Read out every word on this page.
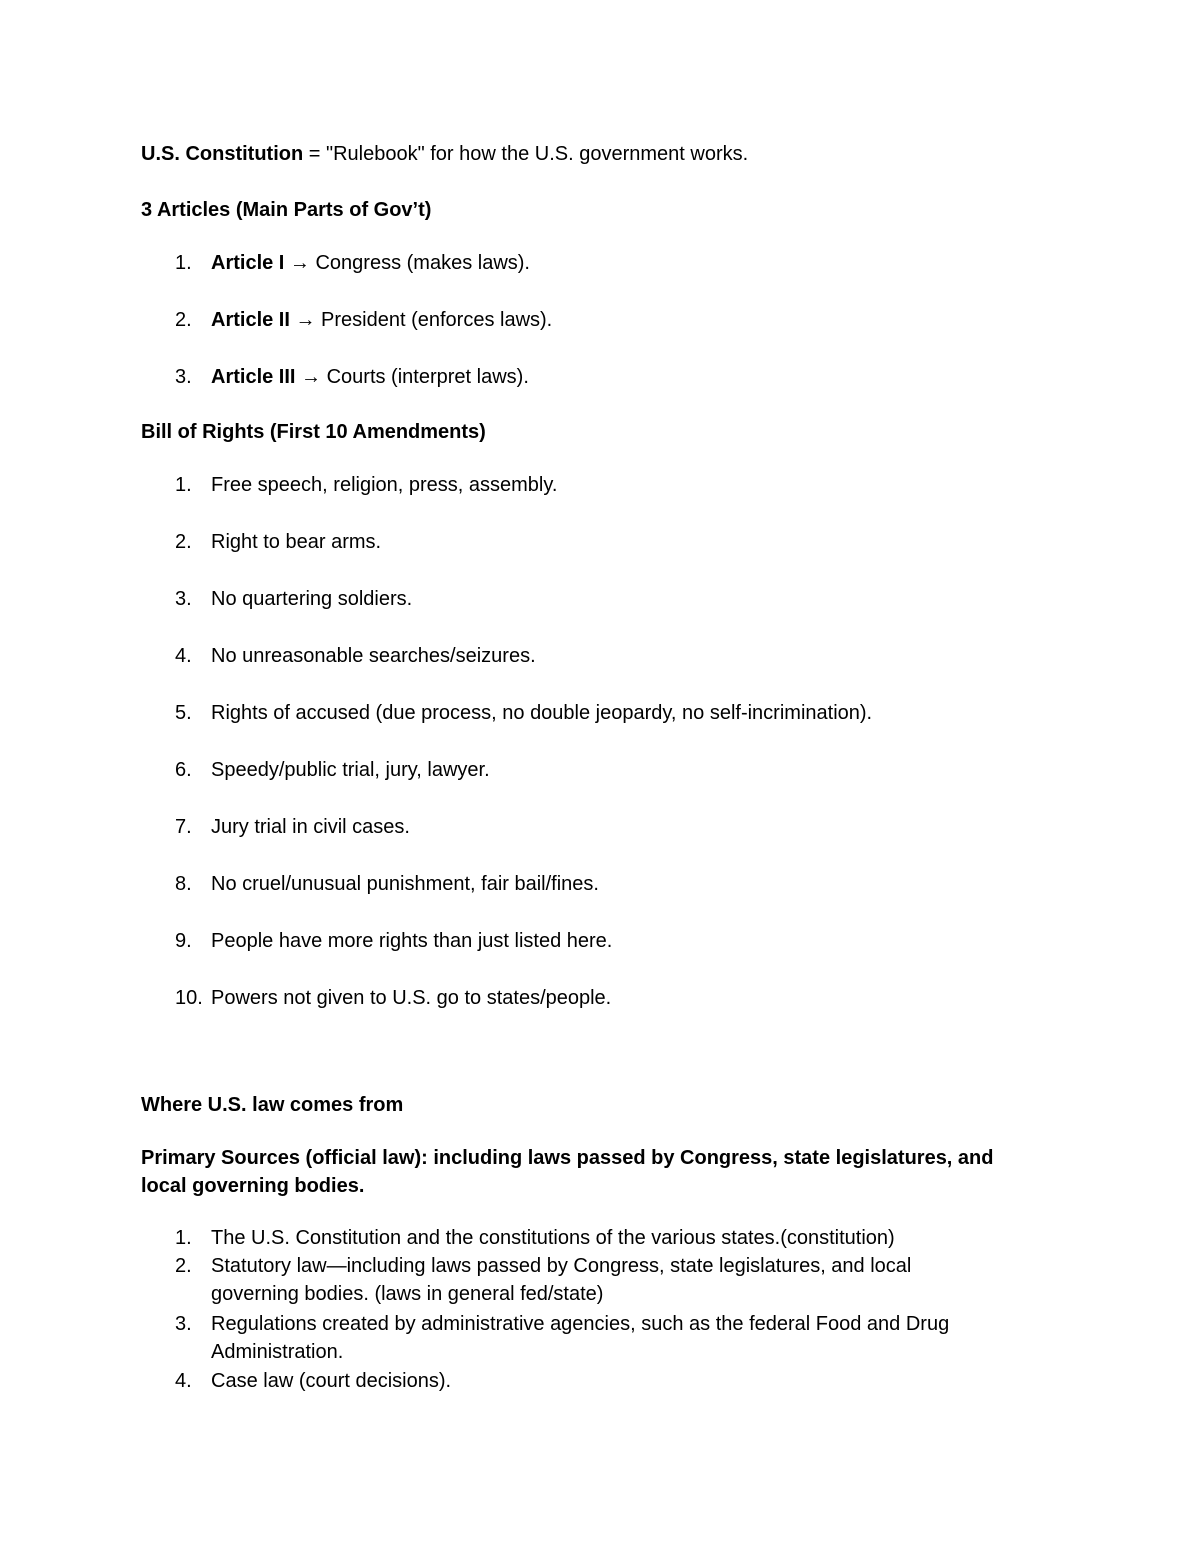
U.S. Constitution = "Rulebook" for how the U.S. government works.
3 Articles (Main Parts of Gov’t)
1. Article I → Congress (makes laws).
2. Article II → President (enforces laws).
3. Article III → Courts (interpret laws).
Bill of Rights (First 10 Amendments)
1. Free speech, religion, press, assembly.
2. Right to bear arms.
3. No quartering soldiers.
4. No unreasonable searches/seizures.
5. Rights of accused (due process, no double jeopardy, no self-incrimination).
6. Speedy/public trial, jury, lawyer.
7. Jury trial in civil cases.
8. No cruel/unusual punishment, fair bail/fines.
9. People have more rights than just listed here.
10. Powers not given to U.S. go to states/people.
Where U.S. law comes from
Primary Sources (official law): including laws passed by Congress, state legislatures, and local governing bodies.
1. The U.S. Constitution and the constitutions of the various states.(constitution)
2. Statutory law—including laws passed by Congress, state legislatures, and local governing bodies. (laws in general fed/state)
3. Regulations created by administrative agencies, such as the federal Food and Drug Administration.
4. Case law (court decisions).
